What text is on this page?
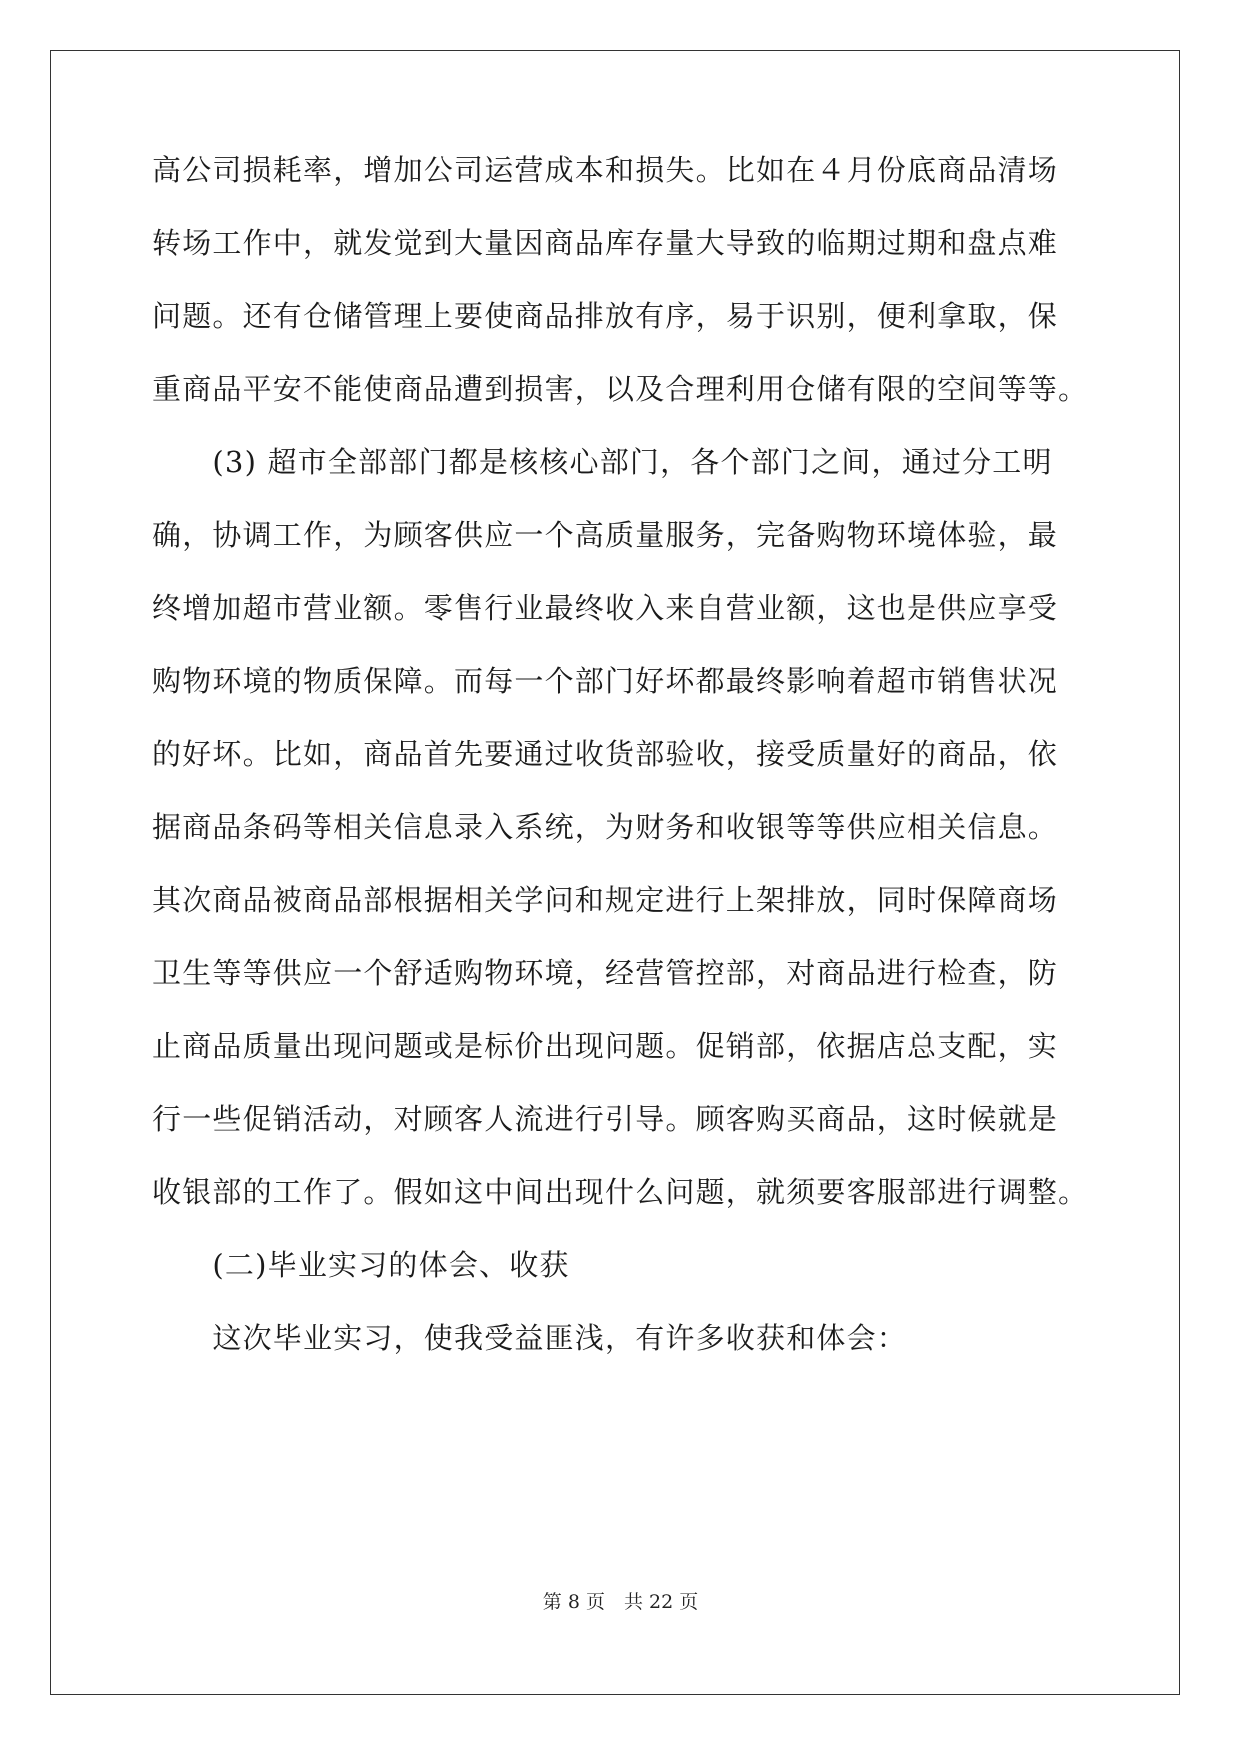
高公司损耗率，增加公司运营成本和损失。比如在４月份底商品清场
转场工作中，就发觉到大量因商品库存量大导致的临期过期和盘点难
问题。还有仓储管理上要使商品排放有序，易于识别，便利拿取，保
重商品平安不能使商品遭到损害，以及合理利用仓储有限的空间等等。
　　(3) 超市全部部门都是核核心部门，各个部门之间，通过分工明
确，协调工作，为顾客供应一个高质量服务，完备购物环境体验，最
终增加超市营业额。零售行业最终收入来自营业额，这也是供应享受
购物环境的物质保障。而每一个部门好坏都最终影响着超市销售状况
的好坏。比如，商品首先要通过收货部验收，接受质量好的商品，依
据商品条码等相关信息录入系统，为财务和收银等等供应相关信息。
其次商品被商品部根据相关学问和规定进行上架排放，同时保障商场
卫生等等供应一个舒适购物环境，经营管控部，对商品进行检查，防
止商品质量出现问题或是标价出现问题。促销部，依据店总支配，实
行一些促销活动，对顾客人流进行引导。顾客购买商品，这时候就是
收银部的工作了。假如这中间出现什么问题，就须要客服部进行调整。
　　(二)毕业实习的体会、收获
　　这次毕业实习，使我受益匪浅，有许多收获和体会：
第 8 页　共 22 页
